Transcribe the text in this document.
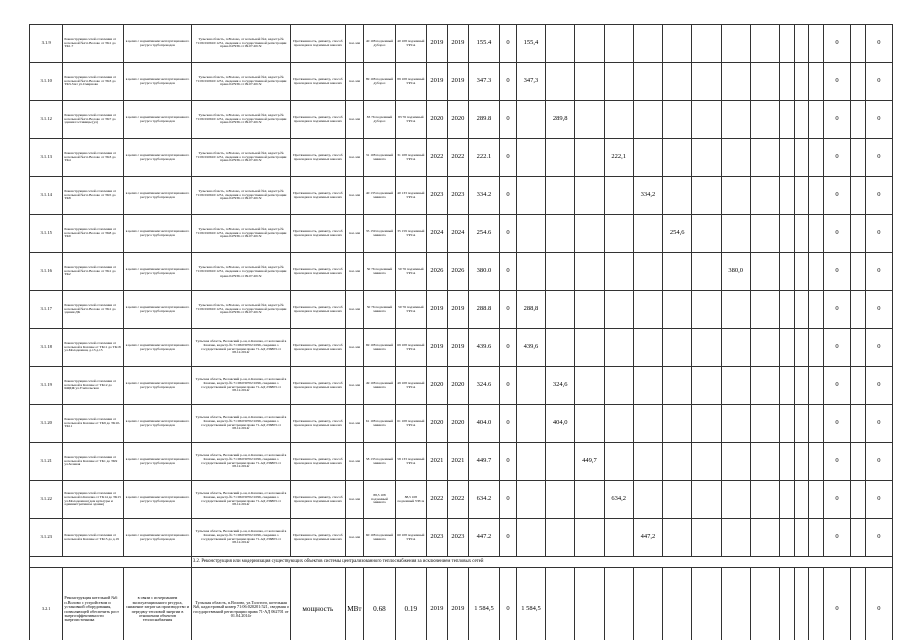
3.1.9	Реконструкция сетей отопления от котельной №2 п.Волово от ТК1 до ТК1.7	в целях с нормативами эксплуатационного ресурса трубопроводов	Тульская область, п.Волово, от котельной №2, кадастр.№ 71:06:010610:1251, сведения о государственной регистрации права 047936 от 09.07.2015г	Протяженность, диаметр, способ прокладки в подземных каналах	п.м. мм	40 108 подземный дубороз	40 108 подземный УРСА	2019	2019	155.4	0	155,4												0		0
3.1.10	Реконструкция сетей отопления от котельной №2 п.Волово от ТК3 до ТК3-ЗА1 ул.Смирнова	в целях с нормативами эксплуатационного ресурса трубопроводов	Тульская область, п.Волово, от котельной №2, кадастр.№ 71:06:010610:1251, сведения о государственной регистрации права 047936 от 09.07.2015г	Протяженность, диаметр, способ прокладки в подземных каналах	п.м. мм	89 108 подземный дубороз	89 108 подземный УРСА	2019	2019	347.3	0	347,3												0		0
3.1.12	Реконструкция сетей отопления от котельной №2 п.Волово от ТК7 до здания гостиницы (ул)	в целях с нормативами эксплуатационного ресурса трубопроводов	Тульская область, п.Волово, от котельной №2, кадастр.№ 71:06:010610:1251, сведения о государственной регистрации права 047936 от 09.07.2015г	Протяженность, диаметр, способ прокладки в подземных каналах	п.м. мм	83 76 подземный дубороз	83 76 подземный УРСА	2020	2020	289.8	0		289,8											0		0
3.1.13	Реконструкция сетей отопления от котельной №2 п.Волово от ТК3 до ТК4	в целях с нормативами эксплуатационного ресурса трубопроводов	Тульская область, п.Волово, от котельной №2, кадастр.№ 71:06:010610:1251, сведения о государственной регистрации права 047936 от 09.07.2015г	Протяженность, диаметр, способ прокладки в подземных каналах	п.м. мм	31 108 подземный минвата	31 108 подземный УРСА	2022	2022	222.1	0				222,1									0		0
3.1.14	Реконструкция сетей отопления от котельной №2 п.Волово от ТК5 до ТК8	в целях с нормативами эксплуатационного ресурса трубопроводов	Тульская область, п.Волово, от котельной №2, кадастр.№ 71:06:010610:1251, сведения о государственной регистрации права 047936 от 09.07.2015г	Протяженность, диаметр, способ прокладки в подземных каналах	п.м. мм	40 133 подземный минвата	40 133 подземный УРСА	2023	2023	334.2	0					334,2								0		0
3.1.15	Реконструкция сетей отопления от котельной №2 п.Волово от ТК8 до ТК9	в целях с нормативами эксплуатационного ресурса трубопроводов	Тульская область, п.Волово, от котельной №2, кадастр.№ 71:06:010610:1251, сведения о государственной регистрации права 047936 от 09.07.2015г	Протяженность, диаметр, способ прокладки в подземных каналах	п.м. мм	35 159 подземный минвата	35 159 подземный УРСА	2024	2024	254.6	0						254,6							0		0
3.1.16	Реконструкция сетей отопления от котельной №2 п.Волово от ТК1 до ТК2	в целях с нормативами эксплуатационного ресурса трубопроводов	Тульская область, п.Волово, от котельной №2, кадастр.№ 71:06:010610:1251, сведения о государственной регистрации права 047936 от 09.07.2015г	Протяженность, диаметр, способ прокладки в подземных каналах	п.м. мм	50 76 подземный минвата	50 76 подземный УРСА	2026	2026	380.0	0								380,0					0		0
3.1.17	Реконструкция сетей отопления от котельной №2 п.Волово от ТК1 до здания ДК	в целях с нормативами эксплуатационного ресурса трубопроводов	Тульская область, п.Волово, от котельной №2, кадастр.№ 71:06:010610:1251, сведения о государственной регистрации права 047936 от 09.07.2015г	Протяженность, диаметр, способ прокладки в подземных каналах	п.м. мм	50 76 подземный минвата	50 76 подземный УРСА	2019	2019	288.8	0	288,8												0		0
3.1.18	Реконструкция сетей отопления от котельной в Казачке от ТК11 до ТК18 ул.Молодежная, д.13 д.15	в целях с нормативами эксплуатационного ресурса трубопроводов	Тульская область, Воловский р-он, п.Казачка, от котельной в Казачке, кадастр.№ 71:06:030702:1096, сведения о государственной регистрации права 71-АД 236803 от 08.12.2014г	Протяженность, диаметр, способ прокладки в подземных каналах	п.м. мм	69 108 подземный минвата	69 108 подземный УРСА	2019	2019	439.6	0	439,6												0		0
3.1.19	Реконструкция сетей отопления от котельной в Казачке от ТК12 до КФДЖ ул.Учительская	в целях с нормативами эксплуатационного ресурса трубопроводов	Тульская область, Воловский р-он, п.Казачка, от котельной в Казачке, кадастр.№ 71:06:030702:1096, сведения о государственной регистрации права 71-АД 236803 от 08.12.2014г	Протяженность, диаметр, способ прокладки в подземных каналах	п.м. мм	49 108 подземный минвата	49 108 подземный УРСА	2020	2020	324.6	0		324,6											0		0
3.1.20	Реконструкция сетей отопления от котельной в Казачке от ТК9 до ТК10-ТК11	в целях с нормативами эксплуатационного ресурса трубопроводов	Тульская область, Воловский р-он, п.Казачка, от котельной в Казачке, кадастр.№ 71:06:030702:1096, сведения о государственной регистрации права 71-АД 236803 от 08.12.2014г	Протяженность, диаметр, способ прокладки в подземных каналах	п.м. мм	61 108 подземный минвата	61 108 подземный УРСА	2020	2020	404.0	0		404,0											0		0
3.1.21	Реконструкция сетей отопления от котельной в Казачке от ТК1 до ТК9 ул.Зеленая	в целях с нормативами эксплуатационного ресурса трубопроводов	Тульская область, Воловский р-он, п.Казачка, от котельной в Казачке, кадастр.№ 71:06:030702:1096, сведения о государственной регистрации права 71-АД 236803 от 08.12.2014г	Протяженность, диаметр, способ прокладки в подземных каналах	п.м. мм	58 133 подземный минвата	58 133 подземный УРСА	2021	2021	449.7	0			449,7										0		0
3.1.22	Реконструкция сетей отопления от котельной п.Казачка от ТК14 до ТК15 ул.Молодежная (дом культуры и административное здание)	в целях с нормативами эксплуатационного ресурса трубопроводов	Тульская область, Воловский р-он, п.Казачка, от котельной в Казачке, кадастр.№ 71:06:030702:1096, сведения о государственной регистрации права 71-АД 236803 от 08.12.2014г	Протяженность, диаметр, способ прокладки в подземных каналах	п.м. мм	88,5 108 подземный минвата	88,5 108 подземный УРСА	2022	2022	634.2	0				634,2									0		0
3.1.23	Реконструкция сетей отопления от котельной в Казачке от ТК15 до д.19	в целях с нормативами эксплуатационного ресурса трубопроводов	Тульская область, Воловский р-он, п.Казачка, от котельной в Казачке, кадастр.№ 71:06:030702:1096, сведения о государственной регистрации права 71-АД 236803 от 08.12.2014г	Протяженность, диаметр, способ прокладки в подземных каналах	п.м. мм	60 108 подземный минвата	60 108 подземный УРСА	2023	2023	447.2	0					447,2								0		0
			3.2. Реконструкция или модернизация существующих объектов системы централизованного теплоснабжения за исключением тепловых сетей																							
3.2.1	Реконструкция котельной №6 п.Волово с устройством и установкой оборудования, позволяющей обеспечить рост энергоэффективности энергоисточника	в связи с исчерпанием эксплуатационного ресурса, снижение затрат на производство и передачу тепловой энергии в отношении объектов теплоснабжения	Тульская область, п.Волово, ул.Толстого, котельная №6, кадастровый номер 71:06:020201:521, сведения о государственной регистрации права 71-АД 062701 от 01.04.2014г	мощность	МВт	0.68	0.19	2019	2019	1 584,5	0	1 584,5												0		0
